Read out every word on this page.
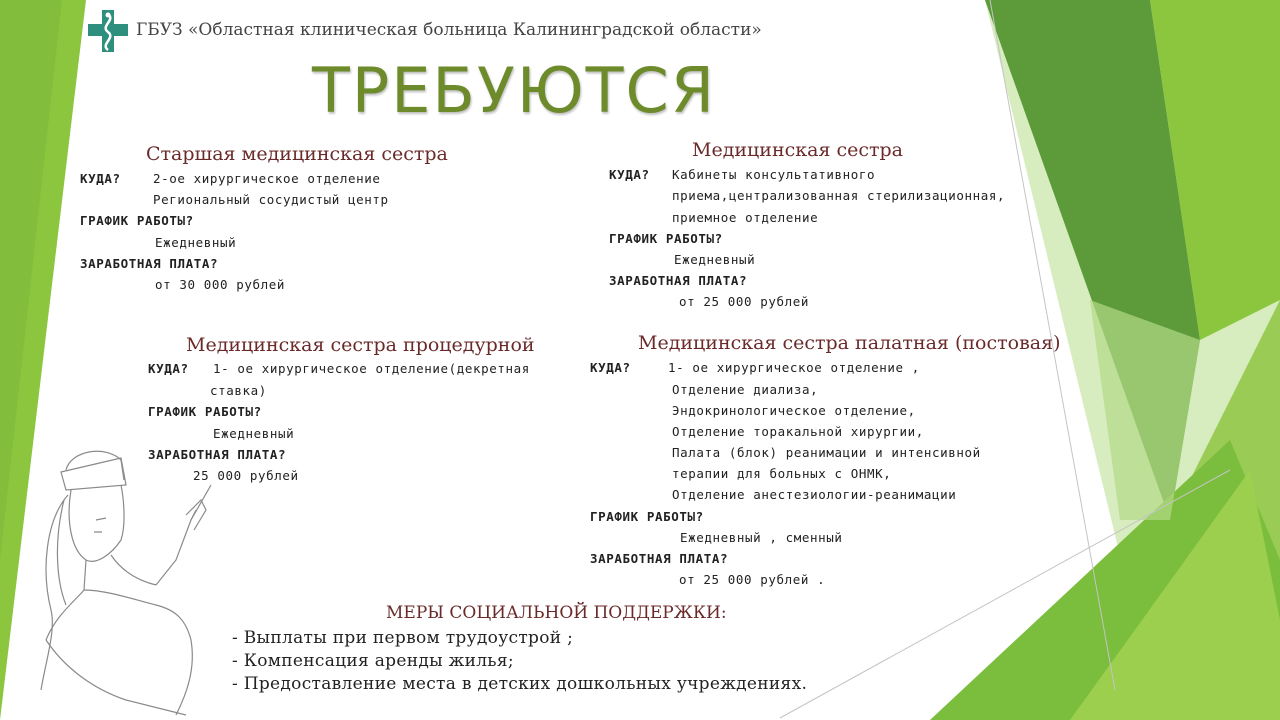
ГБУЗ «Областная клиническая больница Калининградской области»
ТРЕБУЮТСЯ
Старшая медицинская сестра
КУДА?	2-ое хирургическое отделение
Региональный сосудистый центр
ГРАФИК РАБОТЫ?
Ежедневный
ЗАРАБОТНАЯ ПЛАТА?
от 30 000 рублей
Медицинская сестра
КУДА? Кабинеты консультативного
приема,централизованная стерилизационная,
приемное отделение
ГРАФИК РАБОТЫ?
Ежедневный
ЗАРАБОТНАЯ ПЛАТА?
от 25 000 рублей
Медицинская сестра процедурной
КУДА? 1- ое хирургическое отделение(декретная
ставка)
ГРАФИК РАБОТЫ?
Ежедневный
ЗАРАБОТНАЯ ПЛАТА?
25 000 рублей
Медицинская сестра палатная (постовая)
КУДА?	1- ое хирургическое отделение ,
Отделение диализа,
Эндокринологическое отделение,
Отделение торакальной хирургии,
Палата (блок) реанимации и интенсивной
терапии для больных с ОНМК,
Отделение анестезиологии-реанимации
ГРАФИК РАБОТЫ?
Ежедневный , сменный
ЗАРАБОТНАЯ ПЛАТА?
от 25 000 рублей .
МЕРЫ СОЦИАЛЬНОЙ ПОДДЕРЖКИ:
- Выплаты при первом трудоустрой ;
- Компенсация аренды жилья;
- Предоставление места в детских дошкольных учреждениях.
